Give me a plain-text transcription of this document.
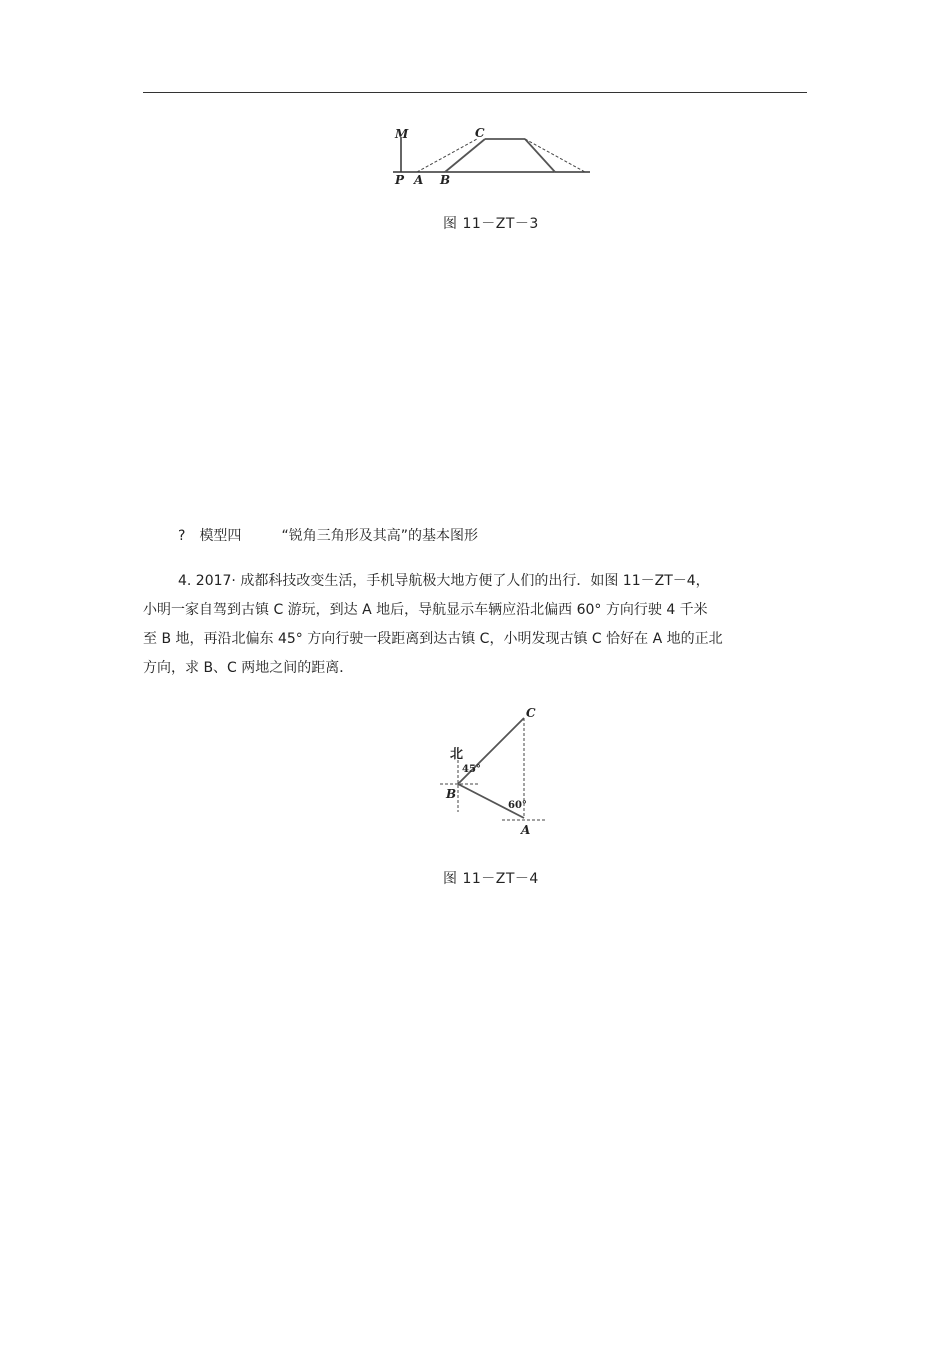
M	C
P A B
图 11－ZT－3
? 模型四	“锐角三角形及其高”的基本图形
4. 2017· 成都科技改变生活，手机导航极大地方便了人们的出行．如图 11－ZT－4，
小明一家自驾到古镇 C 游玩，到达 A 地后，导航显示车辆应沿北偏西 60° 方向行驶 4 千米
至 B 地，再沿北偏东 45° 方向行驶一段距离到达古镇 C，小明发现古镇 C 恰好在 A 地的正北
方向，求 B、C 两地之间的距离．
北
45°
60°
B
C
A
图 11－ZT－4
